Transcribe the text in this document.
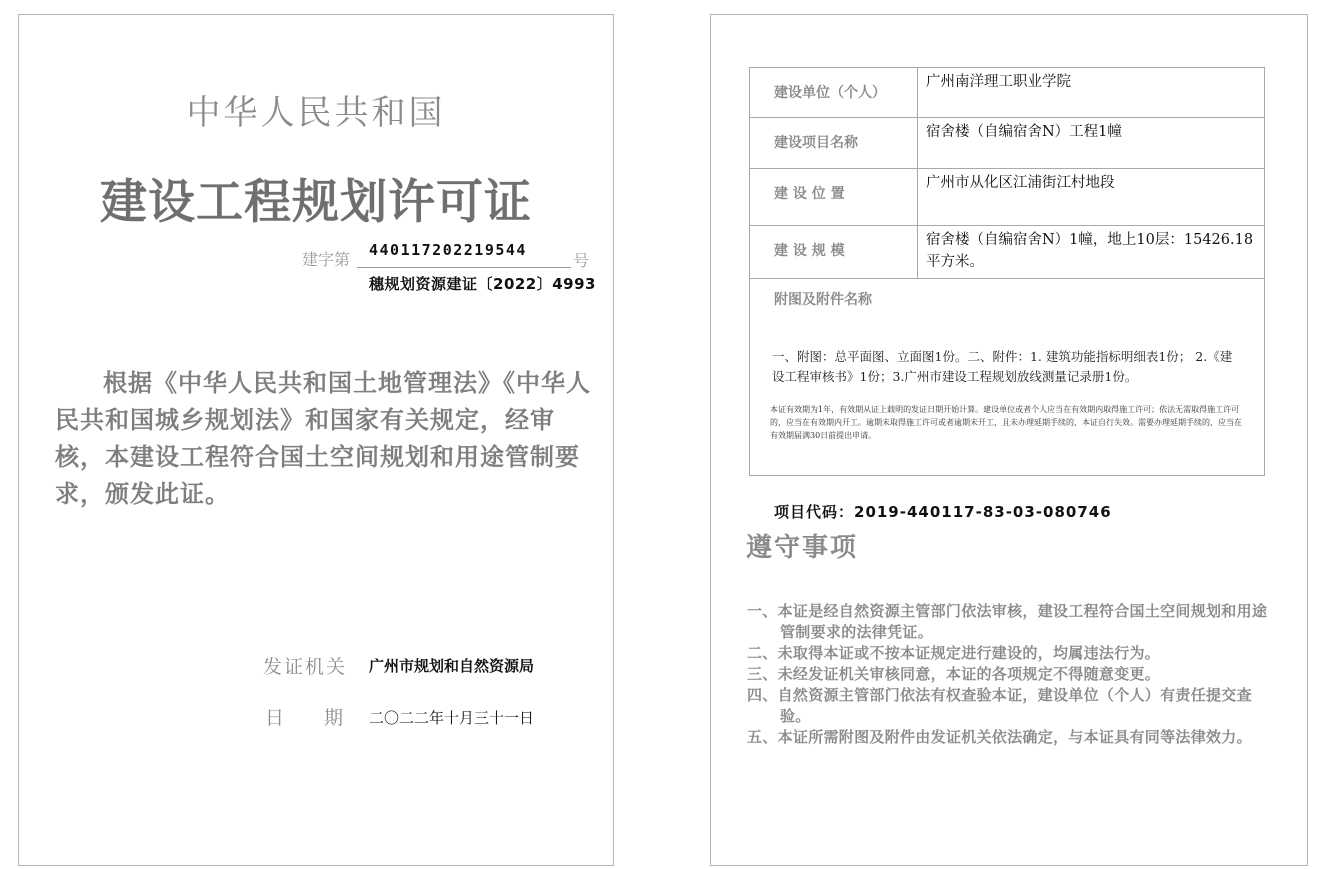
中华人民共和国
建设工程规划许可证
建字第 440117202219544
号
穗规划资源建证〔2022〕4993

根据《中华人民共和国土地管理法》《中华人民共和国城乡规划法》和国家有关规定，经审核，本建设工程符合国土空间规划和用途管制要求，颁发此证。

发证机关 广州市规划和自然资源局
日 期 二〇二二年十月三十一日
建设单位（个人）	广州南洋理工职业学院
建设项目名称	宿舍楼（自编宿舍N）工程1幢
建 设 位 置	广州市从化区江浦街江村地段
建 设 规 模	宿舍楼（自编宿舍N）1幢，地上10层：15426.18平方米。

附图及附件名称
一、附图：总平面图、立面图1份。二、附件：1. 建筑功能指标明细表1份； 2.《建设工程审核书》1份；3.广州市建设工程规划放线测量记录册1份。
本证有效期为1年，有效期从证上载明的发证日期开始计算。建设单位或者个人应当在有效期内取得施工许可；依法无需取得施工许可的，应当在有效期内开工。逾期未取得施工许可或者逾期未开工，且未办理延期手续的，本证自行失效。需要办理延期手续的，应当在有效期届满30日前提出申请。	
项目代码：2019-440117-83-03-080746
遵守事项
一、本证是经自然资源主管部门依法审核，建设工程符合国土空间规划和用途管制要求的法律凭证。
二、未取得本证或不按本证规定进行建设的，均属违法行为。
三、未经发证机关审核同意，本证的各项规定不得随意变更。
四、自然资源主管部门依法有权查验本证，建设单位（个人）有责任提交查验。
五、本证所需附图及附件由发证机关依法确定，与本证具有同等法律效力。
